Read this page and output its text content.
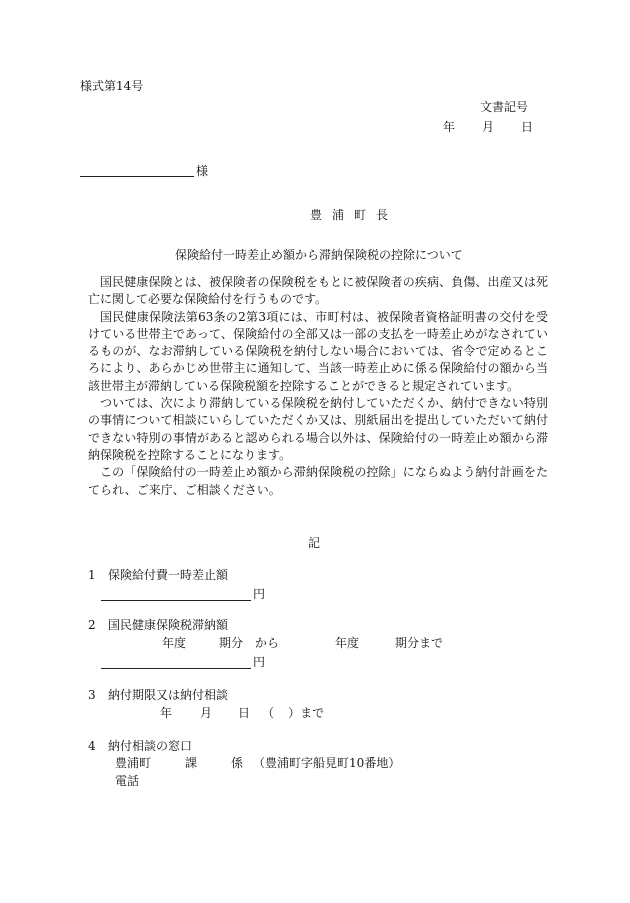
様式第14号
文書記号
年 月 日
様
豊浦町長
保険給付一時差止め額から滞納保険税の控除について

国民健康保険とは、被保険者の保険税をもとに被保険者の疾病、負傷、出産又は死亡に関して必要な保険給付を行うものです。

国民健康保険法第63条の2第3項には、市町村は、被保険者資格証明書の交付を受けている世帯主であって、保険給付の全部又は一部の支払を一時差止めがなされているものが、なお滞納している保険税を納付しない場合においては、省令で定めるところにより、あらかじめ世帯主に通知して、当該一時差止めに係る保険給付の額から当該世帯主が滞納している保険税額を控除することができると規定されています。

ついては、次により滞納している保険税を納付していただくか、納付できない特別の事情について相談にいらしていただくか又は、別紙届出を提出していただいて納付できない特別の事情があると認められる場合以外は、保険給付の一時差止め額から滞納保険税を控除することになります。

この「保険給付の一時差止め額から滞納保険税の控除」にならぬよう納付計画をたてられ、ご来庁、ご相談ください。

記
1 保険給付費一時差止額
円
2 国民健康保険税滞納額
年度	期分　から	年度	期分まで
円
3 納付期限又は納付相談
年 月 日 （ ）まで
4 納付相談の窓口
豊浦町	課	係 （豊浦町字船見町10番地）
電話
